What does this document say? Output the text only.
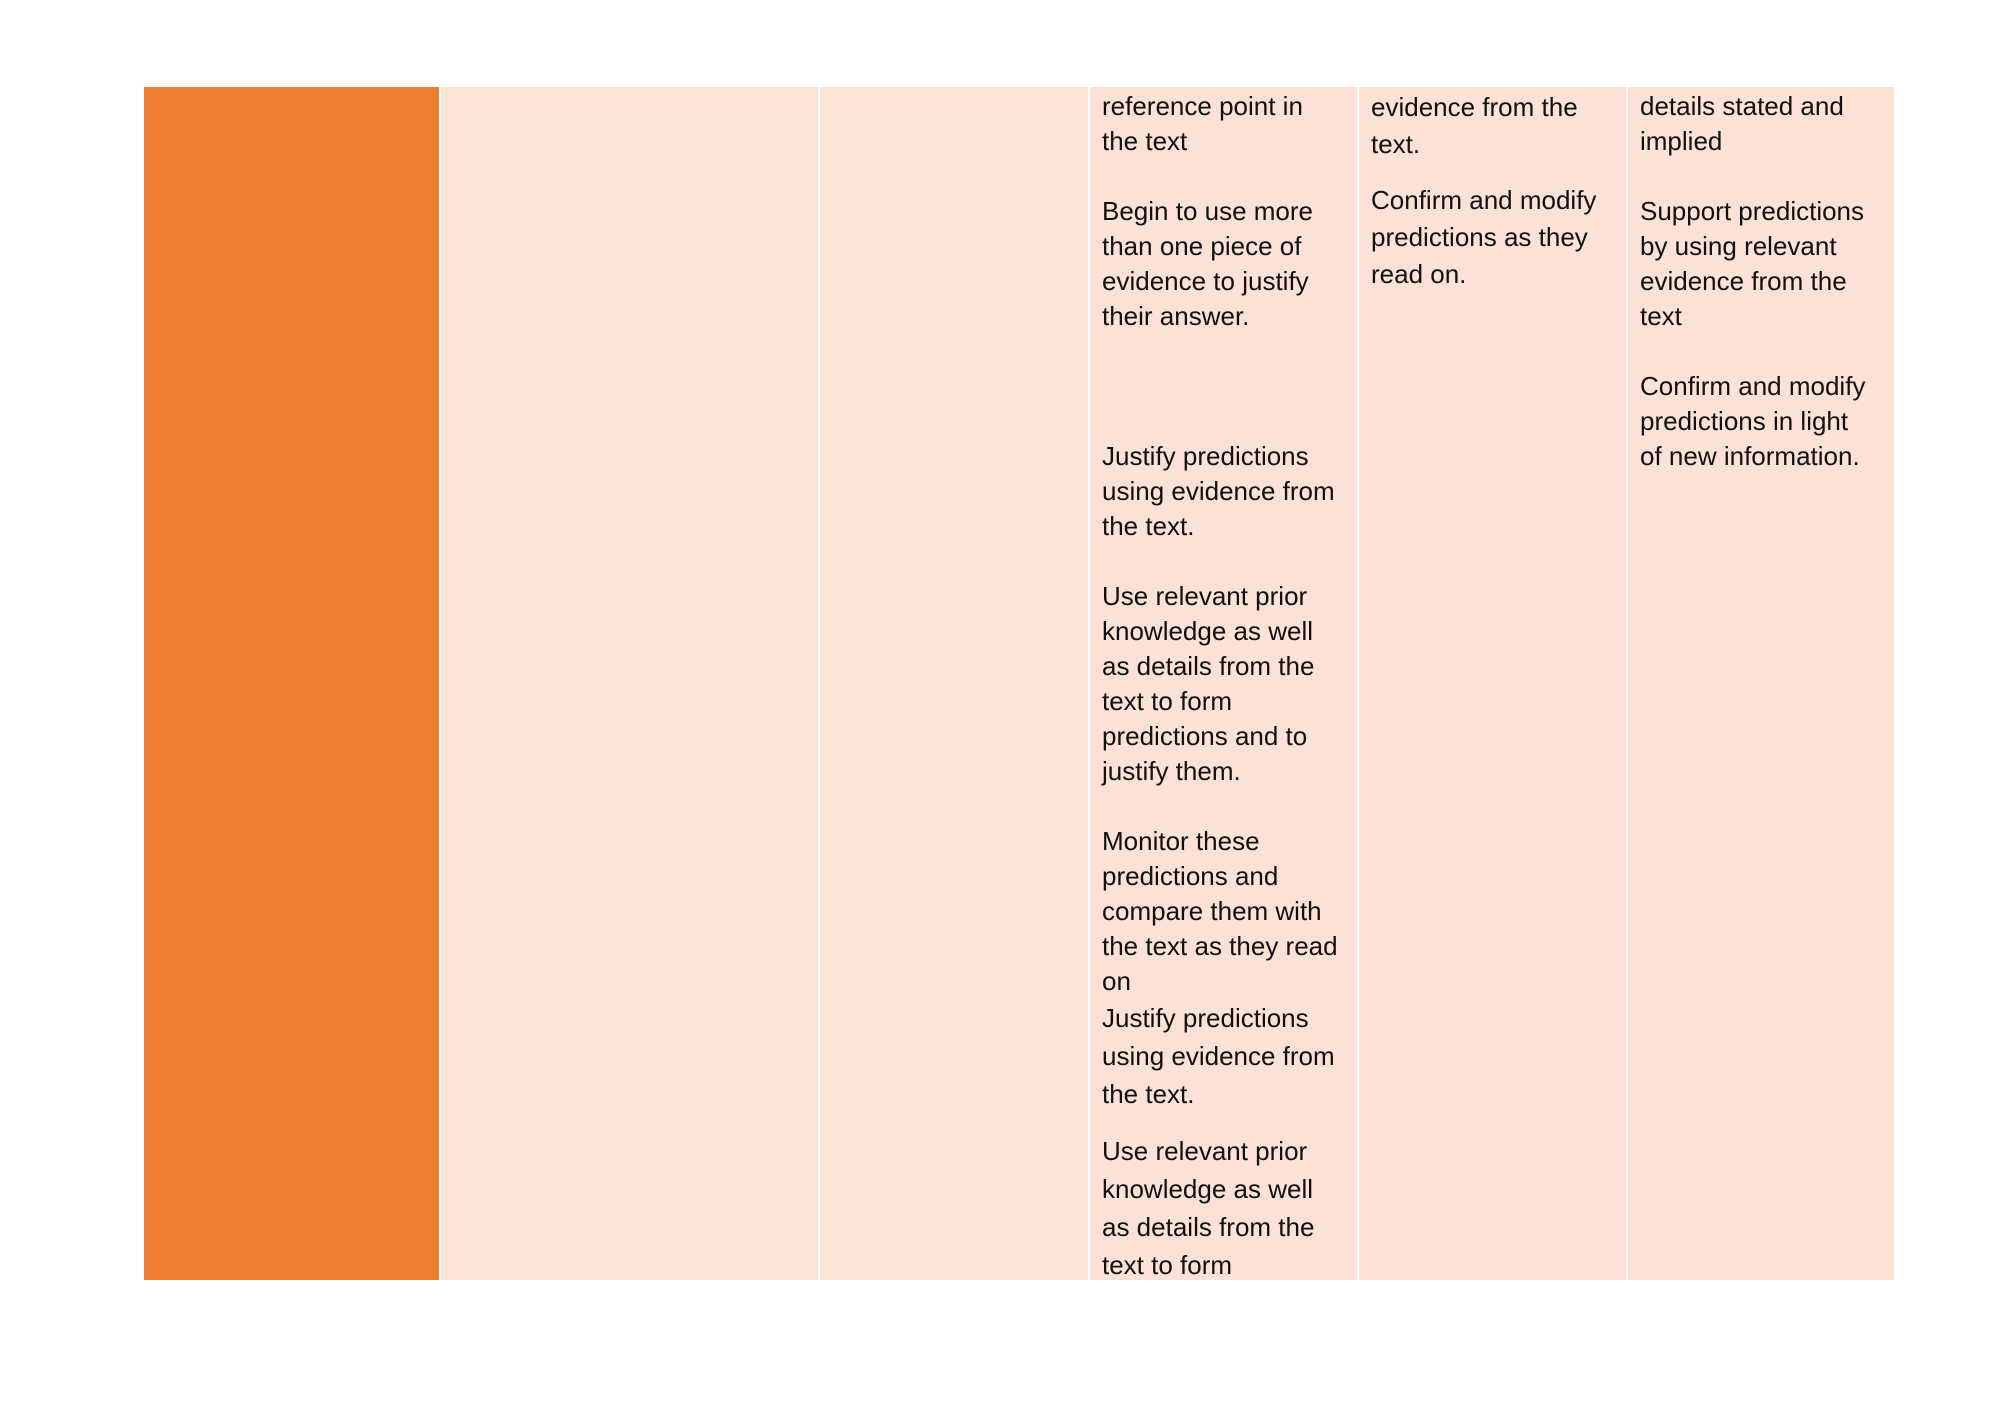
reference point in
the text

Begin to use more
than one piece of
evidence to justify
their answer.

Justify predictions
using evidence from
the text.

Use relevant prior
knowledge as well
as details from the
text to form
predictions and to
justify them.

Monitor these
predictions and
compare them with
the text as they read
on

Justify predictions
using evidence from
the text.

Use relevant prior
knowledge as well
as details from the
text to form

evidence from the
text.

Confirm and modify
predictions as they
read on.

details stated and
implied

Support predictions
by using relevant
evidence from the
text

Confirm and modify
predictions in light
of new information.
